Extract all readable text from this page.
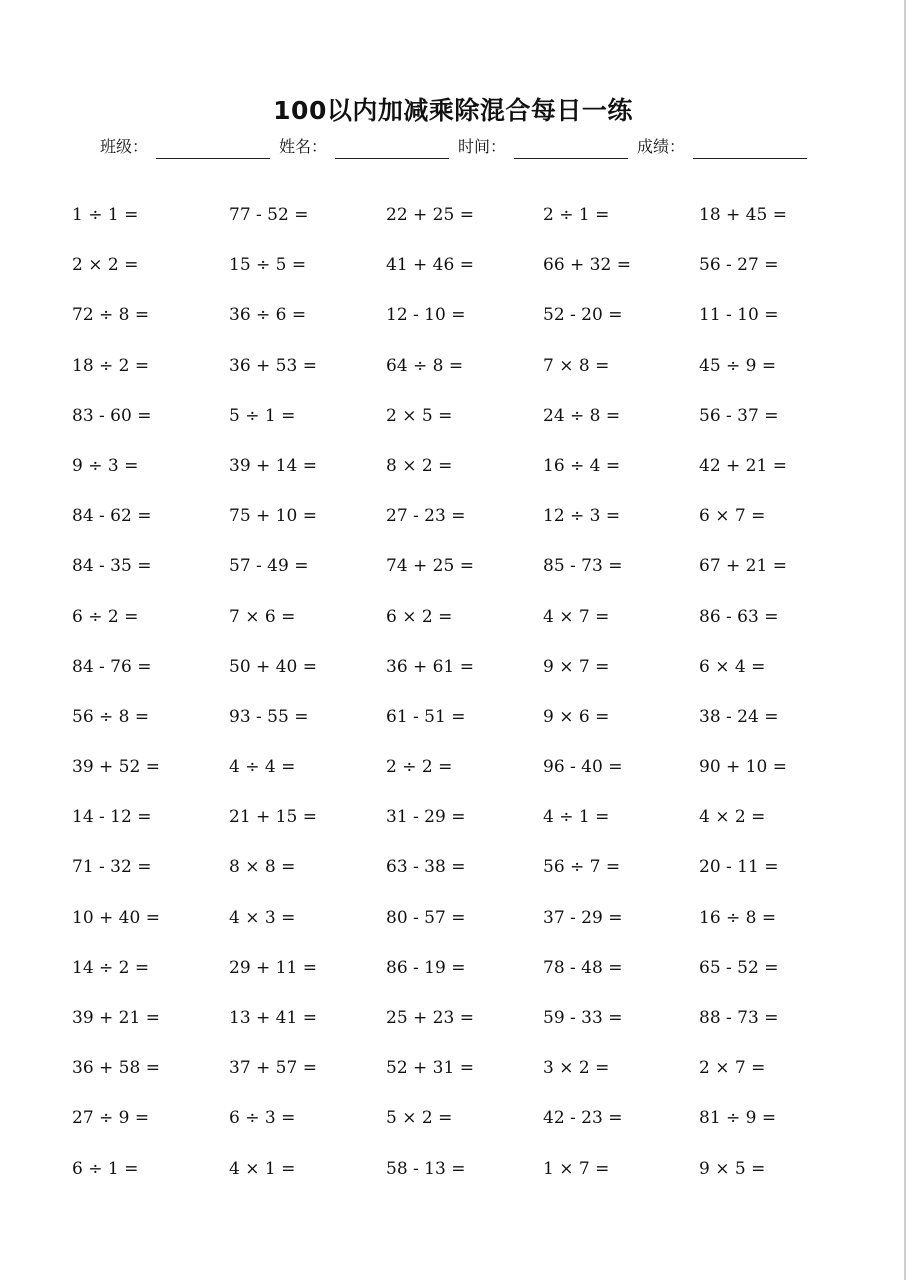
100以内加减乘除混合每日一练
班级：	姓名：	时间：	成绩：
1 ÷ 1 =	77 - 52 =	22 + 25 =	2 ÷ 1 =	18 + 45 =
2 × 2 =	15 ÷ 5 =	41 + 46 =	66 + 32 =	56 - 27 =
72 ÷ 8 =	36 ÷ 6 =	12 - 10 =	52 - 20 =	11 - 10 =
18 ÷ 2 =	36 + 53 =	64 ÷ 8 =	7 × 8 =	45 ÷ 9 =
83 - 60 =	5 ÷ 1 =	2 × 5 =	24 ÷ 8 =	56 - 37 =
9 ÷ 3 =	39 + 14 =	8 × 2 =	16 ÷ 4 =	42 + 21 =
84 - 62 =	75 + 10 =	27 - 23 =	12 ÷ 3 =	6 × 7 =
84 - 35 =	57 - 49 =	74 + 25 =	85 - 73 =	67 + 21 =
6 ÷ 2 =	7 × 6 =	6 × 2 =	4 × 7 =	86 - 63 =
84 - 76 =	50 + 40 =	36 + 61 =	9 × 7 =	6 × 4 =
56 ÷ 8 =	93 - 55 =	61 - 51 =	9 × 6 =	38 - 24 =
39 + 52 =	4 ÷ 4 =	2 ÷ 2 =	96 - 40 =	90 + 10 =
14 - 12 =	21 + 15 =	31 - 29 =	4 ÷ 1 =	4 × 2 =
71 - 32 =	8 × 8 =	63 - 38 =	56 ÷ 7 =	20 - 11 =
10 + 40 =	4 × 3 =	80 - 57 =	37 - 29 =	16 ÷ 8 =
14 ÷ 2 =	29 + 11 =	86 - 19 =	78 - 48 =	65 - 52 =
39 + 21 =	13 + 41 =	25 + 23 =	59 - 33 =	88 - 73 =
36 + 58 =	37 + 57 =	52 + 31 =	3 × 2 =	2 × 7 =
27 ÷ 9 =	6 ÷ 3 =	5 × 2 =	42 - 23 =	81 ÷ 9 =
6 ÷ 1 =	4 × 1 =	58 - 13 =	1 × 7 =	9 × 5 =
